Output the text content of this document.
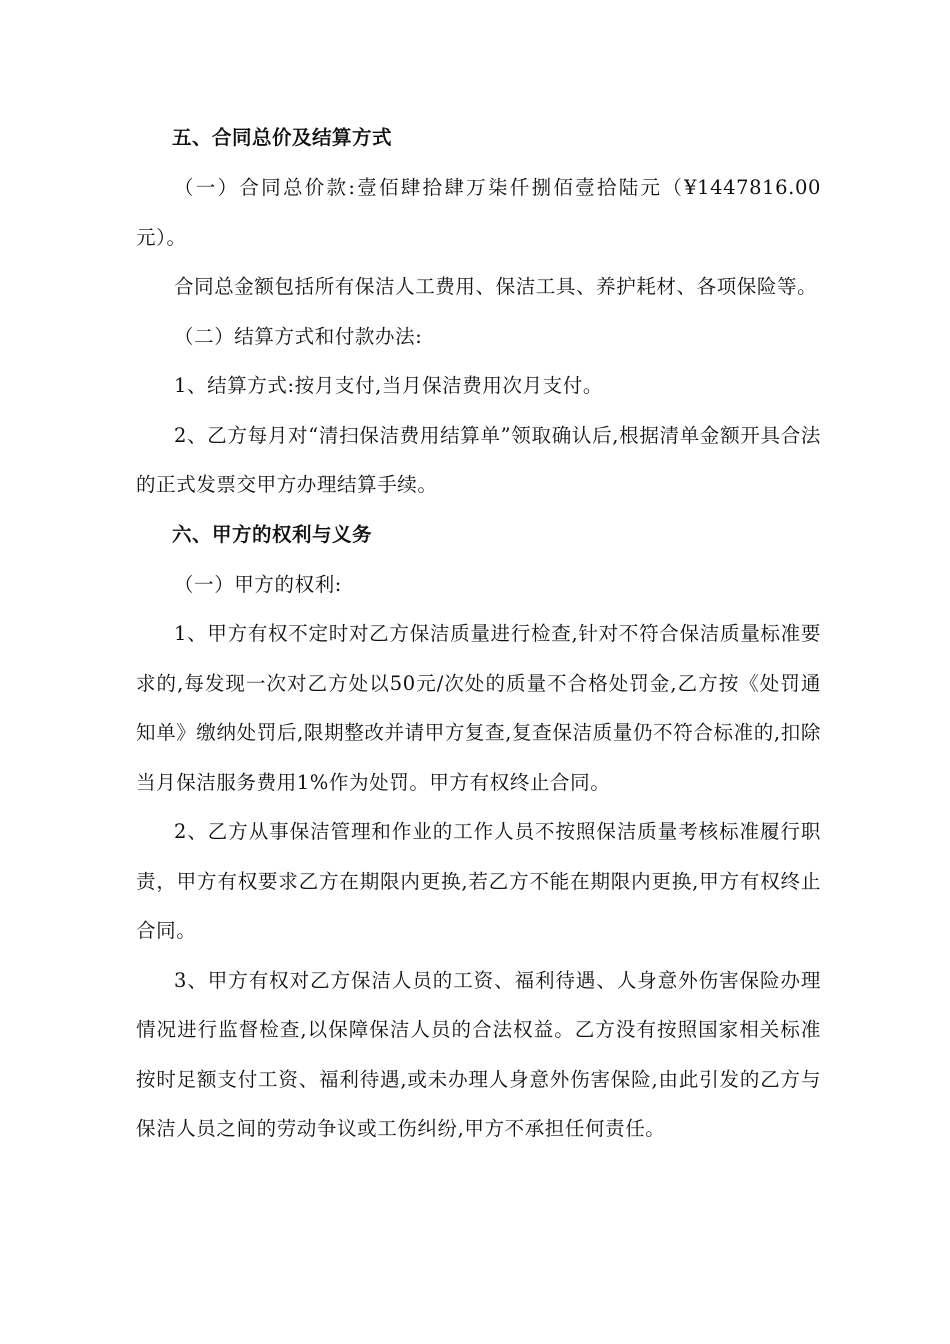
五、合同总价及结算方式

（一）合同总价款:壹佰肆拾肆万柒仟捌佰壹拾陆元（¥1447816.00元）。

合同总金额包括所有保洁人工费用、保洁工具、养护耗材、各项保险等。

（二）结算方式和付款办法:

1、结算方式:按月支付,当月保洁费用次月支付。

2、乙方每月对“清扫保洁费用结算单”领取确认后,根据清单金额开具合法的正式发票交甲方办理结算手续。

六、甲方的权利与义务

（一）甲方的权利:

1、甲方有权不定时对乙方保洁质量进行检查,针对不符合保洁质量标准要求的,每发现一次对乙方处以50元/次处的质量不合格处罚金,乙方按《处罚通知单》缴纳处罚后,限期整改并请甲方复查,复查保洁质量仍不符合标准的,扣除当月保洁服务费用1%作为处罚。甲方有权终止合同。

2、乙方从事保洁管理和作业的工作人员不按照保洁质量考核标准履行职责，甲方有权要求乙方在期限内更换,若乙方不能在期限内更换,甲方有权终止合同。

3、甲方有权对乙方保洁人员的工资、福利待遇、人身意外伤害保险办理情况进行监督检查,以保障保洁人员的合法权益。乙方没有按照国家相关标准按时足额支付工资、福利待遇,或未办理人身意外伤害保险,由此引发的乙方与保洁人员之间的劳动争议或工伤纠纷,甲方不承担任何责任。
